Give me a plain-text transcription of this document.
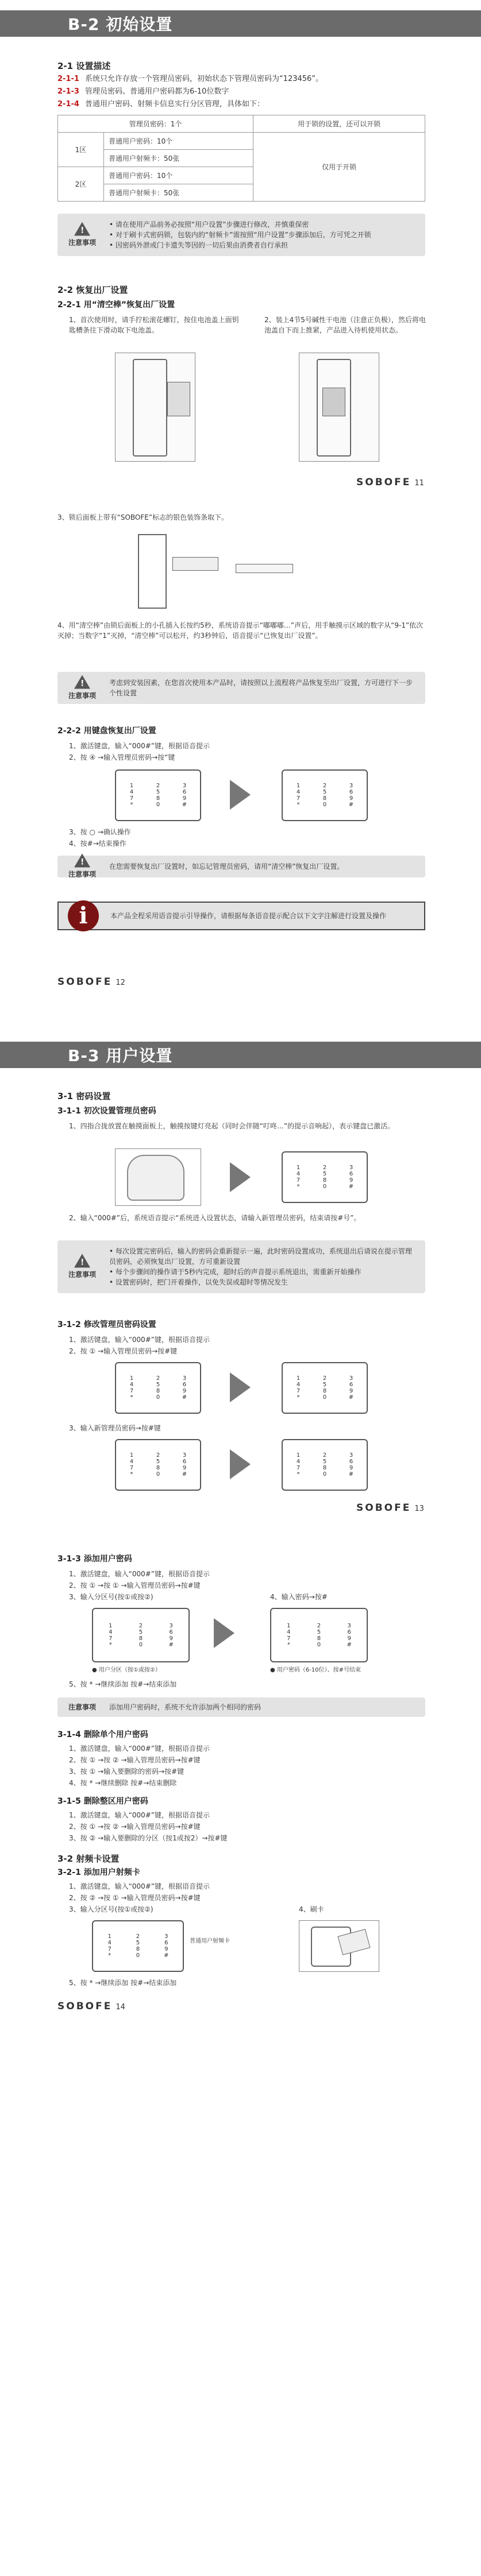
B-2 初始设置
2-1 设置描述
2-1-1 系统只允许存放一个管理员密码，初始状态下管理员密码为“123456”。
2-1-3 管理员密码、普通用户密码都为6-10位数字
2-1-4 普通用户密码、射频卡信息实行分区管理，具体如下：
管理员密码：1个		用于锁的设置，还可以开锁
1区	普通用户密码：10个	仅用于开锁
	普通用户射频卡：50张	
2区	普通用户密码：10个	
	普通用户射频卡：50张	
!
注意事项
• 请在使用产品前务必按照“用户设置”步骤进行修改，并慎重保密
• 对于刷卡式密码锁，包装内的“射频卡”需按照“用户设置”步骤添加后，方可凭之开锁
• 因密码外泄或门卡遗失等因的一切后果由消费者自行承担
2-2 恢复出厂设置
2-2-1 用“清空棒”恢复出厂设置
1、首次使用时，请手拧松滚花螺钉，按住电池盖上面钥匙槽条往下滑动取下电池盖。
2、装上4节5号碱性干电池（注意正负极），然后将电池盖自下而上推紧，产品进入待机使用状态。
SOBOFE 11
3、锁后面板上带有“SOBOFE”标志的银色装饰条取下。
4、用“清空棒”由锁后面板上的小孔插入长按约5秒，系统语音提示“嘟嘟嘟…”声后，用手触摸示区域的数字从“9-1”依次灭掉；当数字“1”灭掉，“清空棒”可以松开，约3秒钟后，语音提示“已恢复出厂设置”。
!
注意事项
考虑到安装因素，在您首次使用本产品时，请按照以上流程将产品恢复至出厂设置，方可进行下一步个性设置
2-2-2 用键盘恢复出厂设置
1、激活键盘，输入“000#”键，根据语音提示
2、按 ④ →输入管理员密码→按“键
1	2	3
4	5	6
7	8	9
*	0	#
1	2	3
4	5	6
7	8	9
*	0	#
3、按 ○ →确认操作
4、按#→结束操作
!
注意事项
在您需要恢复出厂设置时，如忘记管理员密码，请用“清空棒”恢复出厂设置。
i	本产品全程采用语音提示引导操作，请根据每条语音提示配合以下文字注解进行设置及操作
SOBOFE 12
B-3 用户设置
3-1 密码设置
3-1-1 初次设置管理员密码
1、四指合拢放置在触摸面板上，触摸按键灯亮起（同时会伴随“叮咚…”的提示音响起），表示键盘已激活。
1	2	3
4	5	6
7	8	9
*	0	#
2、输入“000#”后，系统语音提示“系统进入设置状态，请输入新管理员密码，结束请按#号”。
!
注意事项
• 每次设置完密码后，输入的密码会重新提示一遍，此时密码设置成功，系统退出后请说在提示管理员密码，必须恢复出厂设置，方可重新设置
• 每个步骤间的操作请于5秒内完成，超时后的声音提示系统退出，需重新开始操作
• 设置密码时，把门开着操作，以免失误或超时等情况发生
3-1-2 修改管理员密码设置
1、激活键盘，输入“000#”键，根据语音提示
2、按 ① →输入管理员密码→按#键
1	2	3
4	5	6
7	8	9
*	0	#
1	2	3
4	5	6
7	8	9
*	0	#
3、输入新管理员密码→按#键
1	2	3
4	5	6
7	8	9
*	0	#
1	2	3
4	5	6
7	8	9
*	0	#
SOBOFE 13
3-1-3 添加用户密码
1、激活键盘，输入“000#”键，根据语音提示
2、按 ① →按 ① →输入管理员密码→按#键
3、输入分区号(按①或按②)	4、输入密码→按#
1	2	3
4	5	6
7	8	9
*	0	#
1	2	3
4	5	6
7	8	9
*	0	#
● 用户分区（按①或按②）	● 用户密码（6-10位）、按#号结束
5、按 * →继续添加 按#→结束添加
注意事项	添加用户密码时，系统不允许添加两个相同的密码
3-1-4 删除单个用户密码
1、激活键盘，输入“000#”键，根据语音提示
2、按 ① →按 ② →输入管理员密码→按#键
3、按 ① →输入要删除的密码→按#键
4、按 * →继续删除 按#→结束删除
3-1-5 删除整区用户密码
1、激活键盘，输入“000#”键，根据语音提示
2、按 ① →按 ② →输入管理员密码→按#键
3、按 ② →输入要删除的分区（按1或按2）→按#键
3-2 射频卡设置
3-2-1 添加用户射频卡
1、激活键盘，输入“000#”键，根据语音提示
2、按 ② →按 ① →输入管理员密码→按#键
3、输入分区号(按①或按②)	4、刷卡
1	2	3
4	5	6
7	8	9
*	0	#
普通用户射频卡
5、按 * →继续添加 按#→结束添加
SOBOFE 14
